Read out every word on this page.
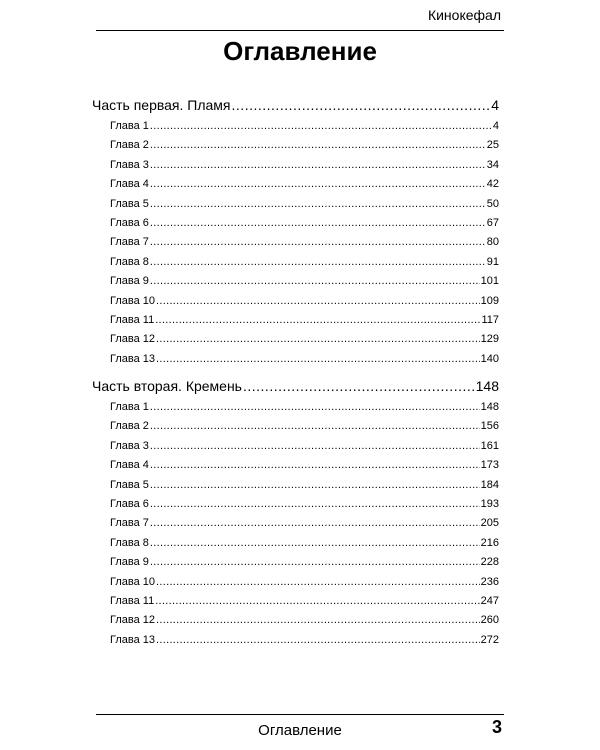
Кинокефал
Оглавление
Часть первая. Пламя .....	4
Глава 1 .....	4
Глава 2 .....	25
Глава 3 .....	34
Глава 4 .....	42
Глава 5 .....	50
Глава 6 .....	67
Глава 7 .....	80
Глава 8 .....	91
Глава 9 .....	101
Глава 10 .....	109
Глава 11 .....	117
Глава 12 .....	129
Глава 13 .....	140
Часть вторая. Кремень .....	148
Глава 1 .....	148
Глава 2 .....	156
Глава 3 .....	161
Глава 4 .....	173
Глава 5 .....	184
Глава 6 .....	193
Глава 7 .....	205
Глава 8 .....	216
Глава 9 .....	228
Глава 10 .....	236
Глава 11 .....	247
Глава 12 .....	260
Глава 13 .....	272
Оглавление	3
